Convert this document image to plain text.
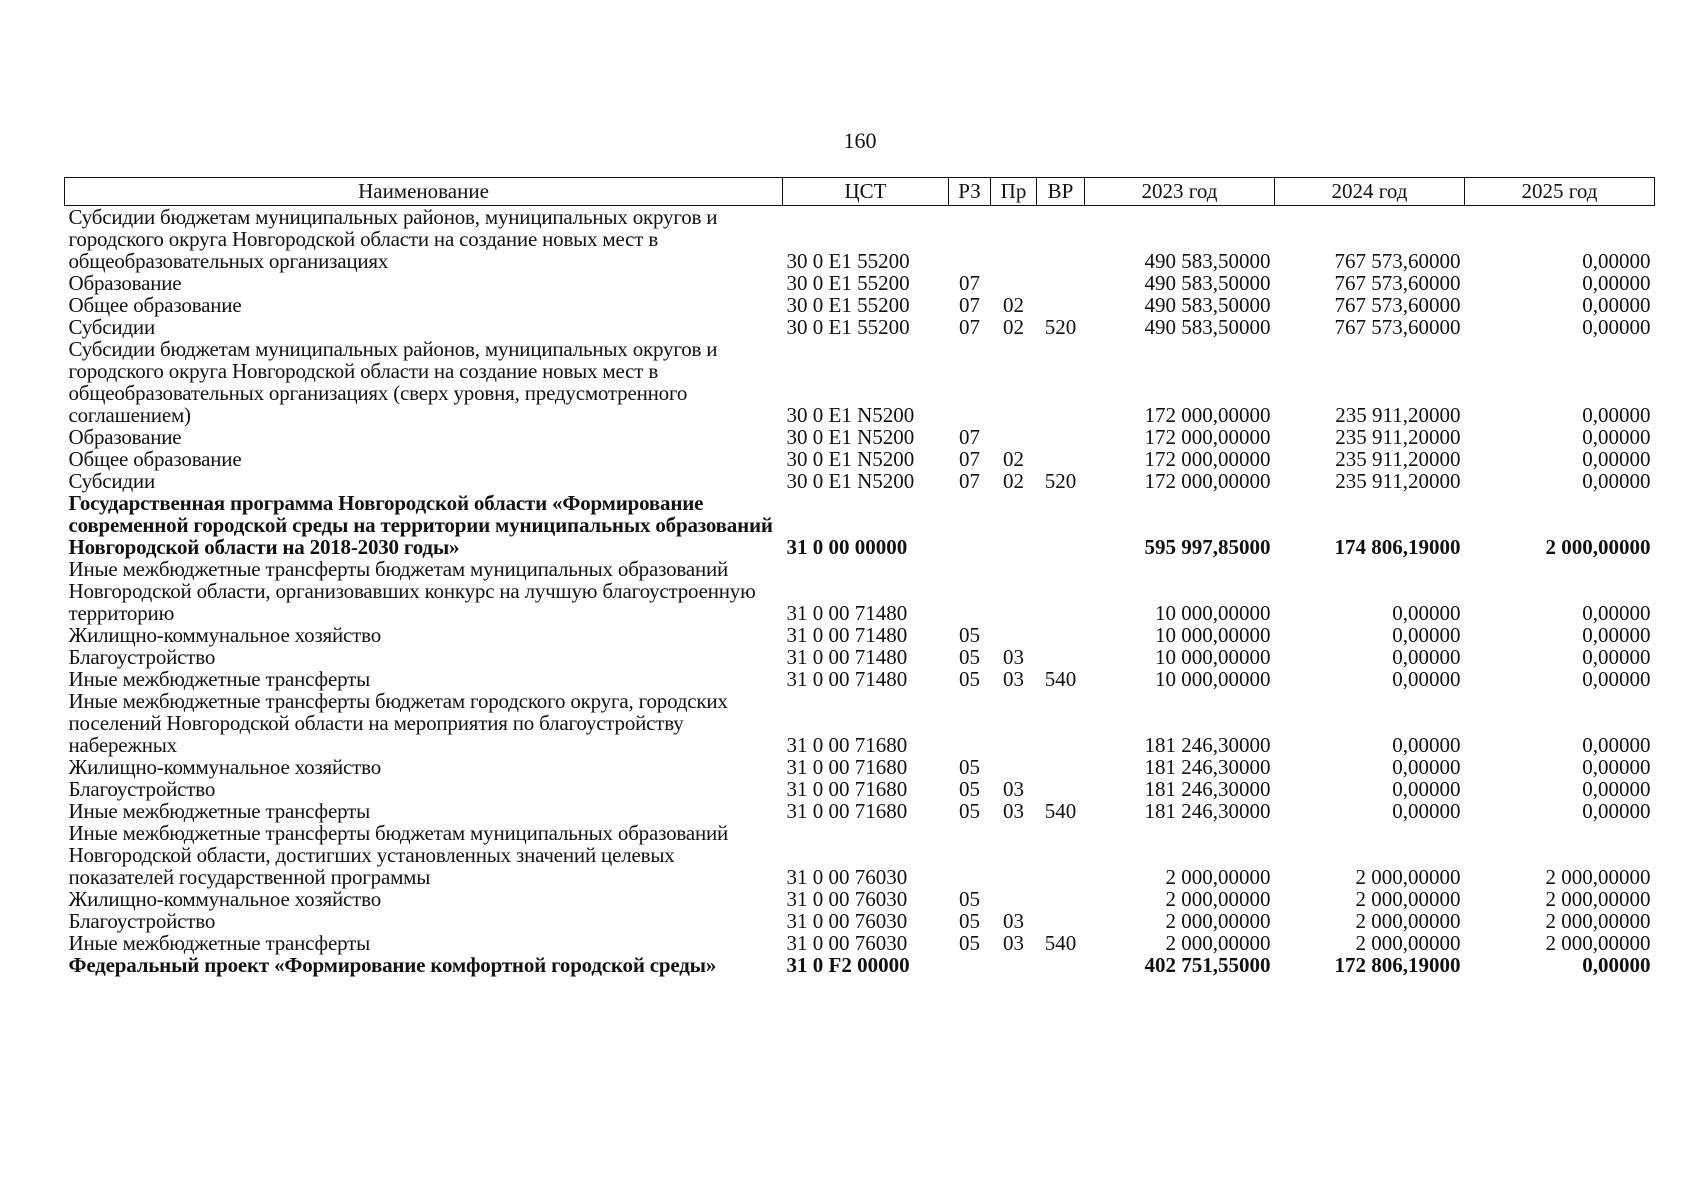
160
Наименование	ЦСТ	РЗ	Пр	ВР	2023 год	2024 год	2025 год
Субсидии бюджетам муниципальных районов, муниципальных округов и городского округа Новгородской области на создание новых мест в общеобразовательных организациях	30 0 E1 55200				490 583,50000	767 573,60000	0,00000
Образование	30 0 E1 55200	07			490 583,50000	767 573,60000	0,00000
Общее образование	30 0 E1 55200	07	02		490 583,50000	767 573,60000	0,00000
Субсидии	30 0 E1 55200	07	02	520	490 583,50000	767 573,60000	0,00000
Субсидии бюджетам муниципальных районов, муниципальных округов и городского округа Новгородской области на создание новых мест в общеобразовательных организациях (сверх уровня, предусмотренного соглашением)	30 0 E1 N5200				172 000,00000	235 911,20000	0,00000
Образование	30 0 E1 N5200	07			172 000,00000	235 911,20000	0,00000
Общее образование	30 0 E1 N5200	07	02		172 000,00000	235 911,20000	0,00000
Субсидии	30 0 E1 N5200	07	02	520	172 000,00000	235 911,20000	0,00000
Государственная программа Новгородской области «Формирование современной городской среды на территории муниципальных образований Новгородской области на 2018-2030 годы»	31 0 00 00000				595 997,85000	174 806,19000	2 000,00000
Иные межбюджетные трансферты бюджетам муниципальных образований Новгородской области, организовавших конкурс на лучшую благоустроенную территорию	31 0 00 71480				10 000,00000	0,00000	0,00000
Жилищно-коммунальное хозяйство	31 0 00 71480	05			10 000,00000	0,00000	0,00000
Благоустройство	31 0 00 71480	05	03		10 000,00000	0,00000	0,00000
Иные межбюджетные трансферты	31 0 00 71480	05	03	540	10 000,00000	0,00000	0,00000
Иные межбюджетные трансферты бюджетам городского округа, городских поселений Новгородской области на мероприятия по благоустройству набережных	31 0 00 71680				181 246,30000	0,00000	0,00000
Жилищно-коммунальное хозяйство	31 0 00 71680	05			181 246,30000	0,00000	0,00000
Благоустройство	31 0 00 71680	05	03		181 246,30000	0,00000	0,00000
Иные межбюджетные трансферты	31 0 00 71680	05	03	540	181 246,30000	0,00000	0,00000
Иные межбюджетные трансферты бюджетам муниципальных образований Новгородской области, достигших установленных значений целевых показателей государственной программы	31 0 00 76030				2 000,00000	2 000,00000	2 000,00000
Жилищно-коммунальное хозяйство	31 0 00 76030	05			2 000,00000	2 000,00000	2 000,00000
Благоустройство	31 0 00 76030	05	03		2 000,00000	2 000,00000	2 000,00000
Иные межбюджетные трансферты	31 0 00 76030	05	03	540	2 000,00000	2 000,00000	2 000,00000
Федеральный проект «Формирование комфортной городской среды»	31 0 F2 00000				402 751,55000	172 806,19000	0,00000
